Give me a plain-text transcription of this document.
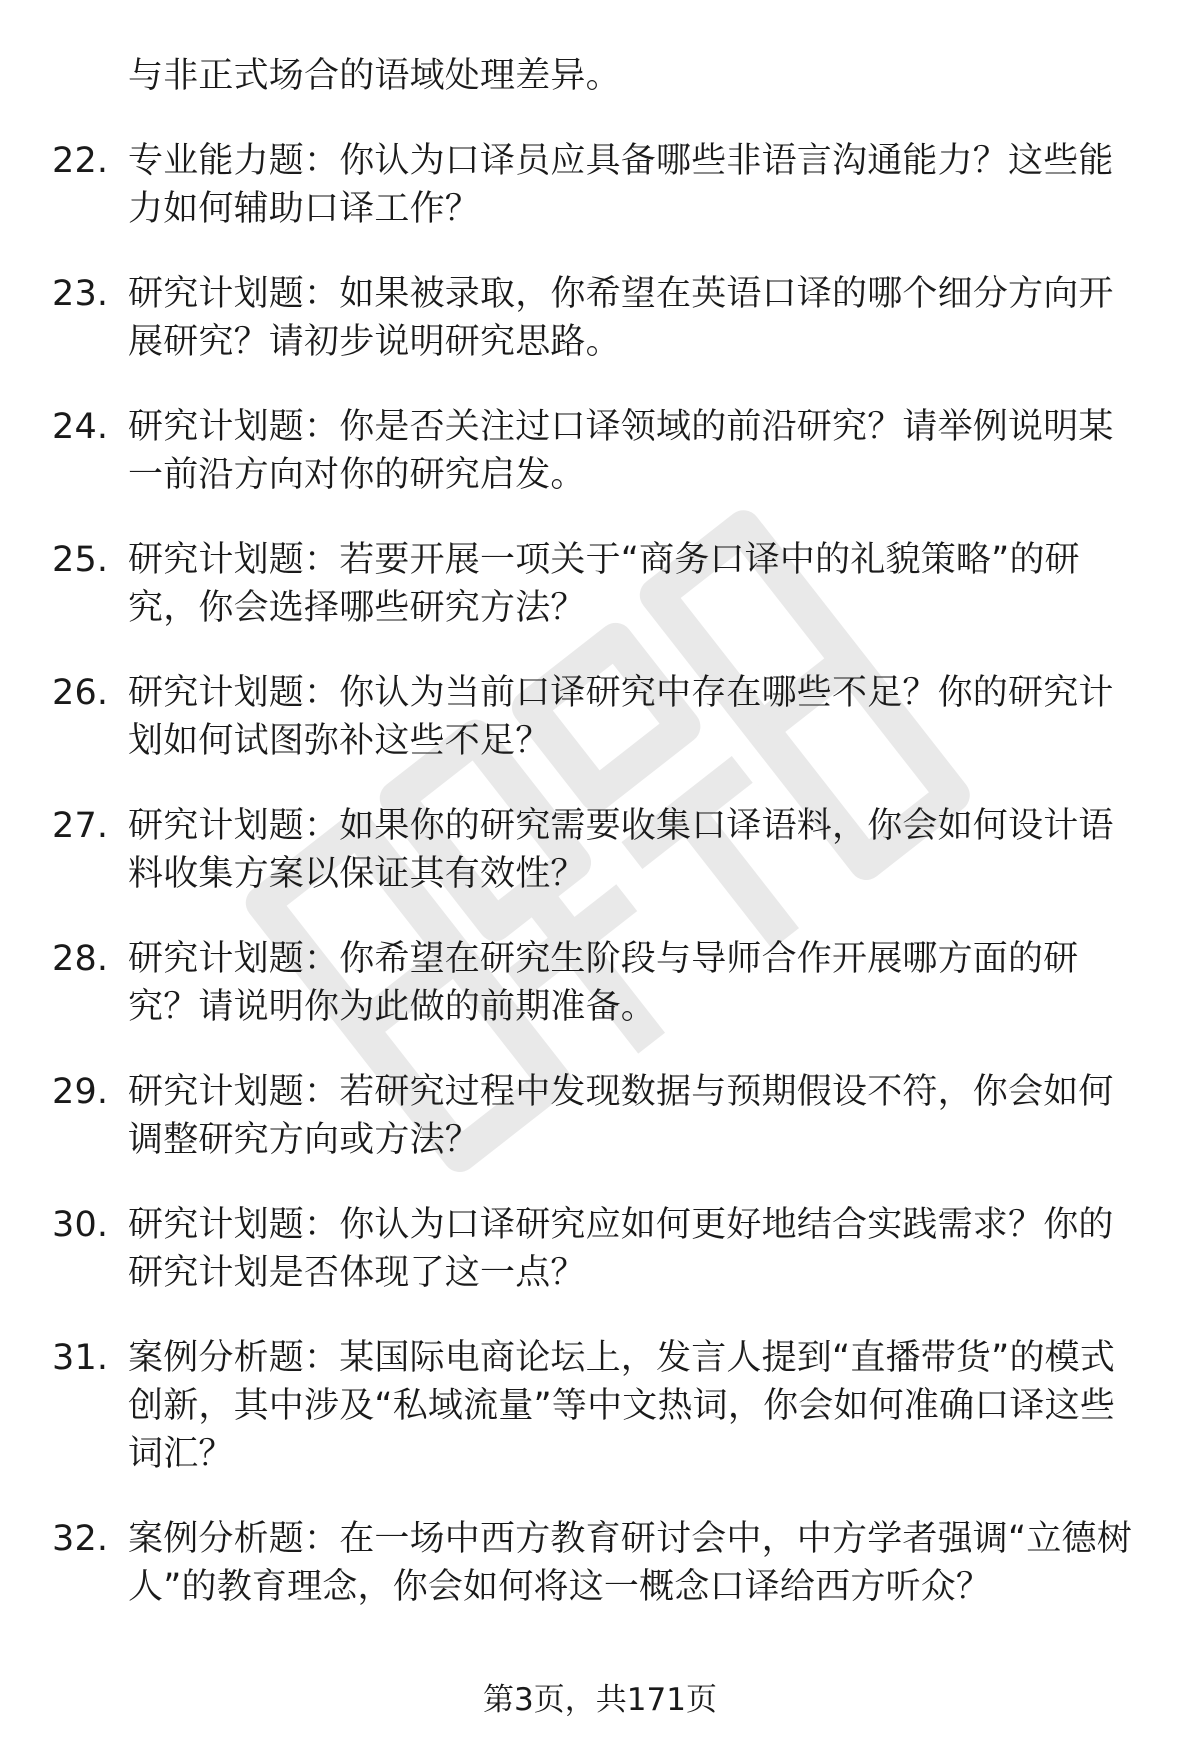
与非正式场合的语域处理差异。
22. 专业能力题：你认为口译员应具备哪些非语言沟通能力？这些能力如何辅助口译工作？
23. 研究计划题：如果被录取，你希望在英语口译的哪个细分方向开展研究？请初步说明研究思路。
24. 研究计划题：你是否关注过口译领域的前沿研究？请举例说明某一前沿方向对你的研究启发。
25. 研究计划题：若要开展一项关于“商务口译中的礼貌策略”的研究，你会选择哪些研究方法？
26. 研究计划题：你认为当前口译研究中存在哪些不足？你的研究计划如何试图弥补这些不足？
27. 研究计划题：如果你的研究需要收集口译语料，你会如何设计语料收集方案以保证其有效性？
28. 研究计划题：你希望在研究生阶段与导师合作开展哪方面的研究？请说明你为此做的前期准备。
29. 研究计划题：若研究过程中发现数据与预期假设不符，你会如何调整研究方向或方法？
30. 研究计划题：你认为口译研究应如何更好地结合实践需求？你的研究计划是否体现了这一点？
31. 案例分析题：某国际电商论坛上，发言人提到“直播带货”的模式创新，其中涉及“私域流量”等中文热词，你会如何准确口译这些词汇？
32. 案例分析题：在一场中西方教育研讨会中，中方学者强调“立德树人”的教育理念，你会如何将这一概念口译给西方听众？
第3页，共171页
